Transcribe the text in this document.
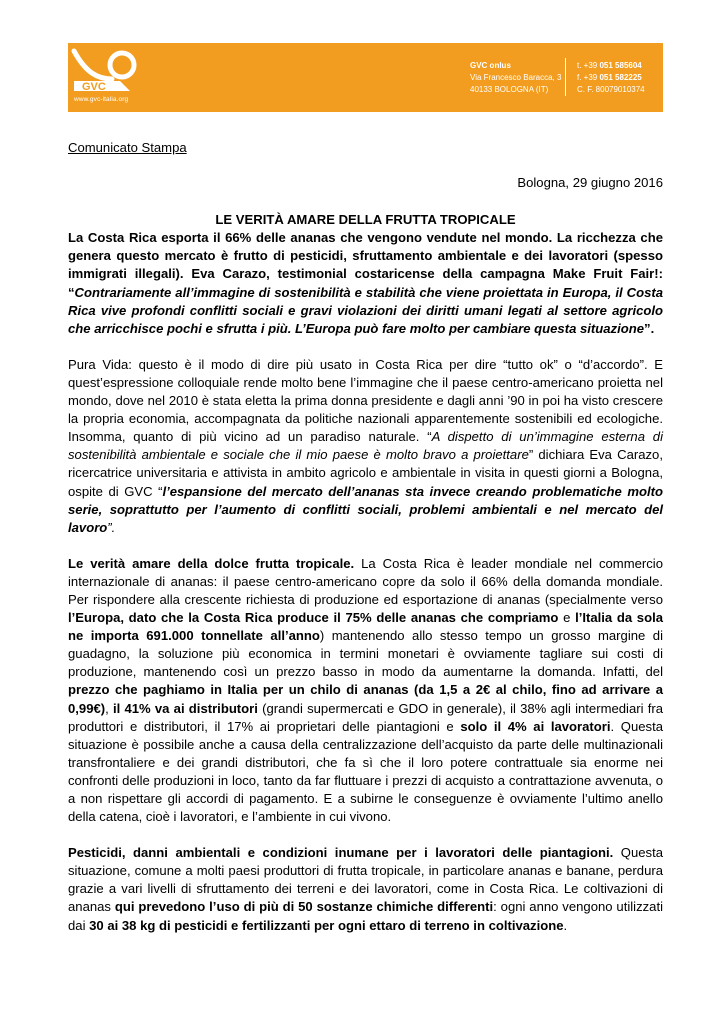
GVC
www.gvc-italia.org
GVC onlus
Via Francesco Baracca, 3
40133 BOLOGNA (IT)
t. +39 051 585604
f. +39 051 582225
C. F. 80079010374

Comunicato Stampa

Bologna, 29 giugno 2016

LE VERITÀ AMARE DELLA FRUTTA TROPICALE

La Costa Rica esporta il 66% delle ananas che vengono vendute nel mondo. La ricchezza che genera questo mercato è frutto di pesticidi, sfruttamento ambientale e dei lavoratori (spesso immigrati illegali). Eva Carazo, testimonial costaricense della campagna Make Fruit Fair!: “Contrariamente all’immagine di sostenibilità e stabilità che viene proiettata in Europa, il Costa Rica vive profondi conflitti sociali e gravi violazioni dei diritti umani legati al settore agricolo che arricchisce pochi e sfrutta i più. L’Europa può fare molto per cambiare questa situazione”.

Pura Vida: questo è il modo di dire più usato in Costa Rica per dire “tutto ok” o “d’accordo”. E quest’espressione colloquiale rende molto bene l’immagine che il paese centro-americano proietta nel mondo, dove nel 2010 è stata eletta la prima donna presidente e dagli anni ’90 in poi ha visto crescere la propria economia, accompagnata da politiche nazionali apparentemente sostenibili ed ecologiche. Insomma, quanto di più vicino ad un paradiso naturale. “A dispetto di un’immagine esterna di sostenibilità ambientale e sociale che il mio paese è molto bravo a proiettare” dichiara Eva Carazo, ricercatrice universitaria e attivista in ambito agricolo e ambientale in visita in questi giorni a Bologna, ospite di GVC “l’espansione del mercato dell’ananas sta invece creando problematiche molto serie, soprattutto per l’aumento di conflitti sociali, problemi ambientali e nel mercato del lavoro”.

Le verità amare della dolce frutta tropicale. La Costa Rica è leader mondiale nel commercio internazionale di ananas: il paese centro-americano copre da solo il 66% della domanda mondiale. Per rispondere alla crescente richiesta di produzione ed esportazione di ananas (specialmente verso l’Europa, dato che la Costa Rica produce il 75% delle ananas che compriamo e l’Italia da sola ne importa 691.000 tonnellate all’anno) mantenendo allo stesso tempo un grosso margine di guadagno, la soluzione più economica in termini monetari è ovviamente tagliare sui costi di produzione, mantenendo così un prezzo basso in modo da aumentarne la domanda. Infatti, del prezzo che paghiamo in Italia per un chilo di ananas (da 1,5 a 2€ al chilo, fino ad arrivare a 0,99€), il 41% va ai distributori (grandi supermercati e GDO in generale), il 38% agli intermediari fra produttori e distributori, il 17% ai proprietari delle piantagioni e solo il 4% ai lavoratori. Questa situazione è possibile anche a causa della centralizzazione dell’acquisto da parte delle multinazionali transfrontaliere e dei grandi distributori, che fa sì che il loro potere contrattuale sia enorme nei confronti delle produzioni in loco, tanto da far fluttuare i prezzi di acquisto a contrattazione avvenuta, o a non rispettare gli accordi di pagamento. E a subirne le conseguenze è ovviamente l’ultimo anello della catena, cioè i lavoratori, e l’ambiente in cui vivono.

Pesticidi, danni ambientali e condizioni inumane per i lavoratori delle piantagioni. Questa situazione, comune a molti paesi produttori di frutta tropicale, in particolare ananas e banane, perdura grazie a vari livelli di sfruttamento dei terreni e dei lavoratori, come in Costa Rica. Le coltivazioni di ananas qui prevedono l’uso di più di 50 sostanze chimiche differenti: ogni anno vengono utilizzati dai 30 ai 38 kg di pesticidi e fertilizzanti per ogni ettaro di terreno in coltivazione.
